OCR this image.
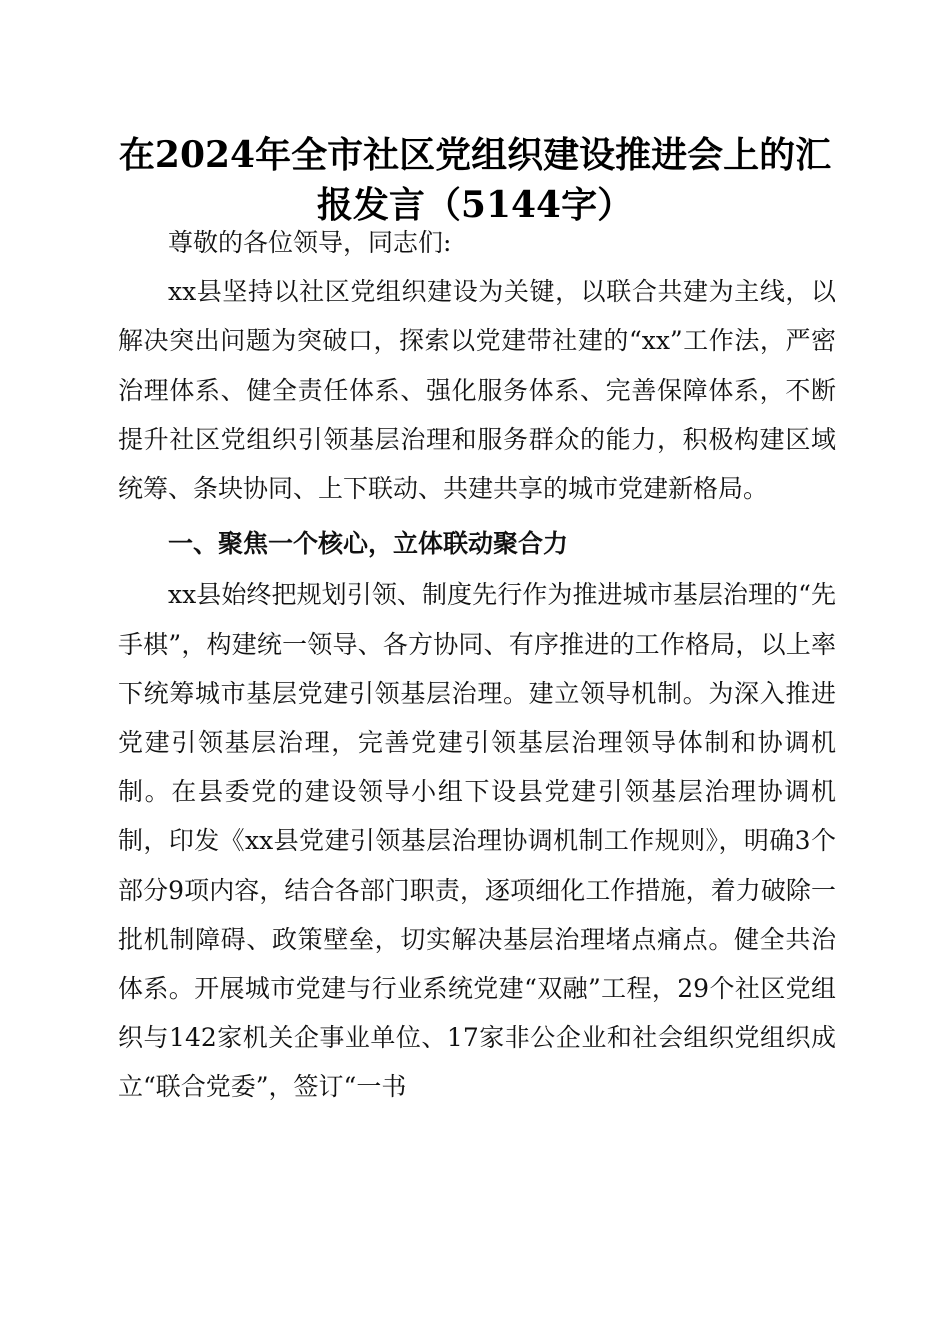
在2024年全市社区党组织建设推进会上的汇报发言（5144字）

尊敬的各位领导，同志们:

xx县坚持以社区党组织建设为关键，以联合共建为主线，以解决突出问题为突破口，探索以党建带社建的“xx”工作法，严密治理体系、健全责任体系、强化服务体系、完善保障体系，不断提升社区党组织引领基层治理和服务群众的能力，积极构建区域统筹、条块协同、上下联动、共建共享的城市党建新格局。

一、聚焦一个核心，立体联动聚合力

xx县始终把规划引领、制度先行作为推进城市基层治理的“先手棋”，构建统一领导、各方协同、有序推进的工作格局，以上率下统筹城市基层党建引领基层治理。建立领导机制。为深入推进党建引领基层治理，完善党建引领基层治理领导体制和协调机制。在县委党的建设领导小组下设县党建引领基层治理协调机制，印发《xx县党建引领基层治理协调机制工作规则》，明确3个部分9项内容，结合各部门职责，逐项细化工作措施，着力破除一批机制障碍、政策壁垒，切实解决基层治理堵点痛点。健全共治体系。开展城市党建与行业系统党建“双融”工程，29个社区党组织与142家机关企事业单位、17家非公企业和社会组织党组织成立“联合党委”，签订“一书
